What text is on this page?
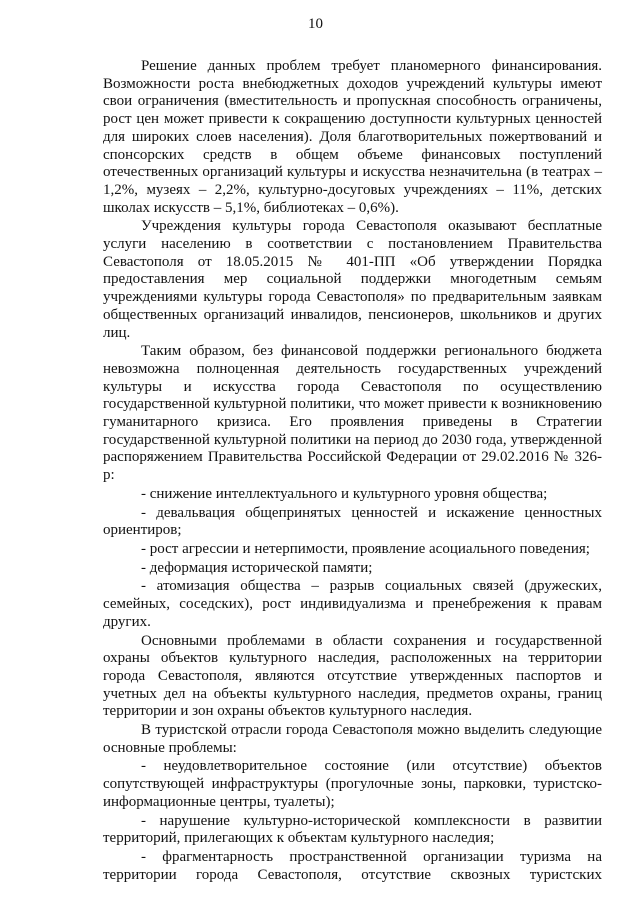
10

Решение данных проблем требует планомерного финансирования. Возможности роста внебюджетных доходов учреждений культуры имеют свои ограничения (вместительность и пропускная способность ограничены, рост цен может привести к сокращению доступности культурных ценностей для широких слоев населения). Доля благотворительных пожертвований и спонсорских средств в общем объеме финансовых поступлений отечественных организаций культуры и искусства незначительна (в театрах – 1,2%, музеях – 2,2%, культурно-досуговых учреждениях – 11%, детских школах искусств – 5,1%, библиотеках – 0,6%).

Учреждения культуры города Севастополя оказывают бесплатные услуги населению в соответствии с постановлением Правительства Севастополя от 18.05.2015 № 401-ПП «Об утверждении Порядка предоставления мер социальной поддержки многодетным семьям учреждениями культуры города Севастополя» по предварительным заявкам общественных организаций инвалидов, пенсионеров, школьников и других лиц.

Таким образом, без финансовой поддержки регионального бюджета невозможна полноценная деятельность государственных учреждений культуры и искусства города Севастополя по осуществлению государственной культурной политики, что может привести к возникновению гуманитарного кризиса. Его проявления приведены в Стратегии государственной культурной политики на период до 2030 года, утвержденной распоряжением Правительства Российской Федерации от 29.02.2016 № 326-р:

- снижение интеллектуального и культурного уровня общества;

- девальвация общепринятых ценностей и искажение ценностных ориентиров;

- рост агрессии и нетерпимости, проявление асоциального поведения;

- деформация исторической памяти;

- атомизация общества – разрыв социальных связей (дружеских, семейных, соседских), рост индивидуализма и пренебрежения к правам других.

Основными проблемами в области сохранения и государственной охраны объектов культурного наследия, расположенных на территории города Севастополя, являются отсутствие утвержденных паспортов и учетных дел на объекты культурного наследия, предметов охраны, границ территории и зон охраны объектов культурного наследия.

В туристской отрасли города Севастополя можно выделить следующие основные проблемы:

- неудовлетворительное состояние (или отсутствие) объектов сопутствующей инфраструктуры (прогулочные зоны, парковки, туристско-информационные центры, туалеты);

- нарушение культурно-исторической комплексности в развитии территорий, прилегающих к объектам культурного наследия;

- фрагментарность пространственной организации туризма на территории города Севастополя, отсутствие сквозных туристских
